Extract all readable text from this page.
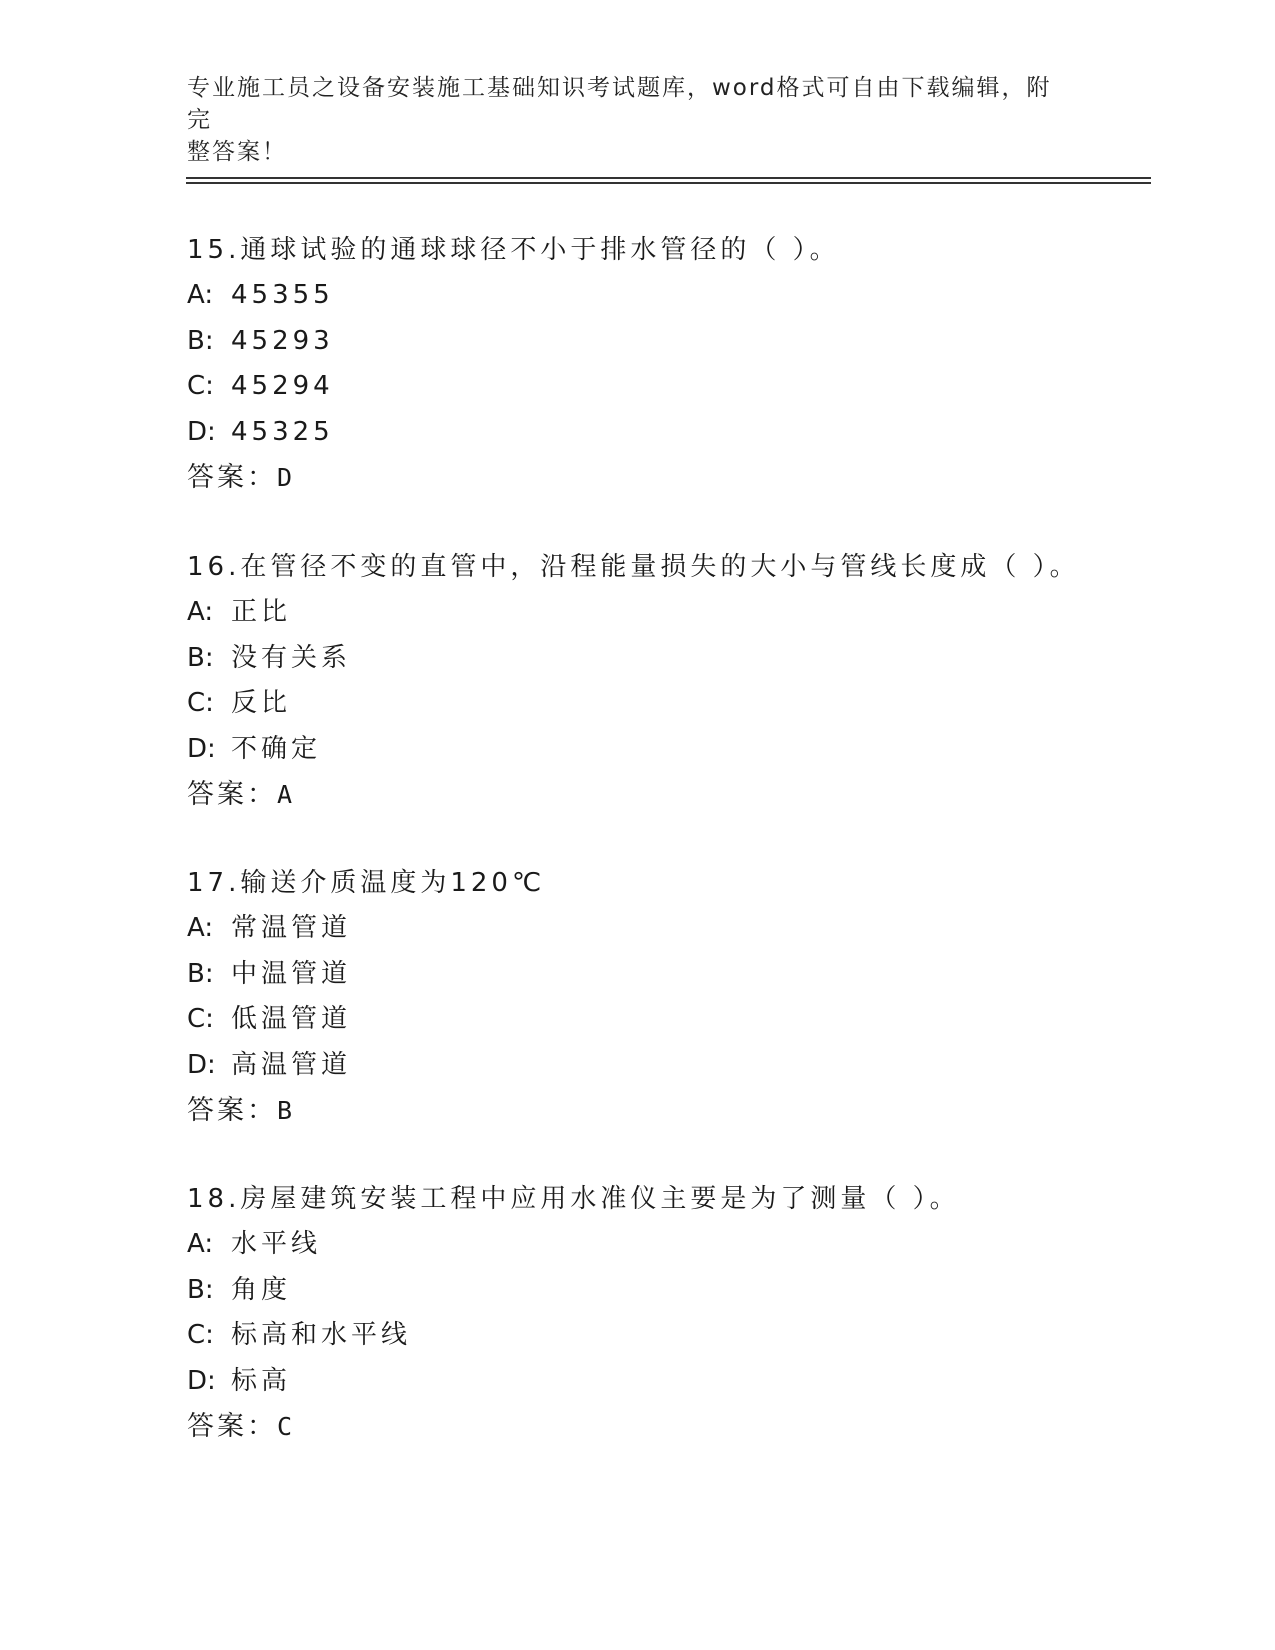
专业施工员之设备安装施工基础知识考试题库，word格式可自由下载编辑，附完
整答案！
15.通球试验的通球球径不小于排水管径的（ ）。
A: 45355
B: 45293
C: 45294
D: 45325
答案：D
16.在管径不变的直管中，沿程能量损失的大小与管线长度成（ ）。
A: 正比
B: 没有关系
C: 反比
D: 不确定
答案：A
17.输送介质温度为120℃
A: 常温管道
B: 中温管道
C: 低温管道
D: 高温管道
答案：B
18.房屋建筑安装工程中应用水准仪主要是为了测量（ ）。
A: 水平线
B: 角度
C: 标高和水平线
D: 标高
答案：C
